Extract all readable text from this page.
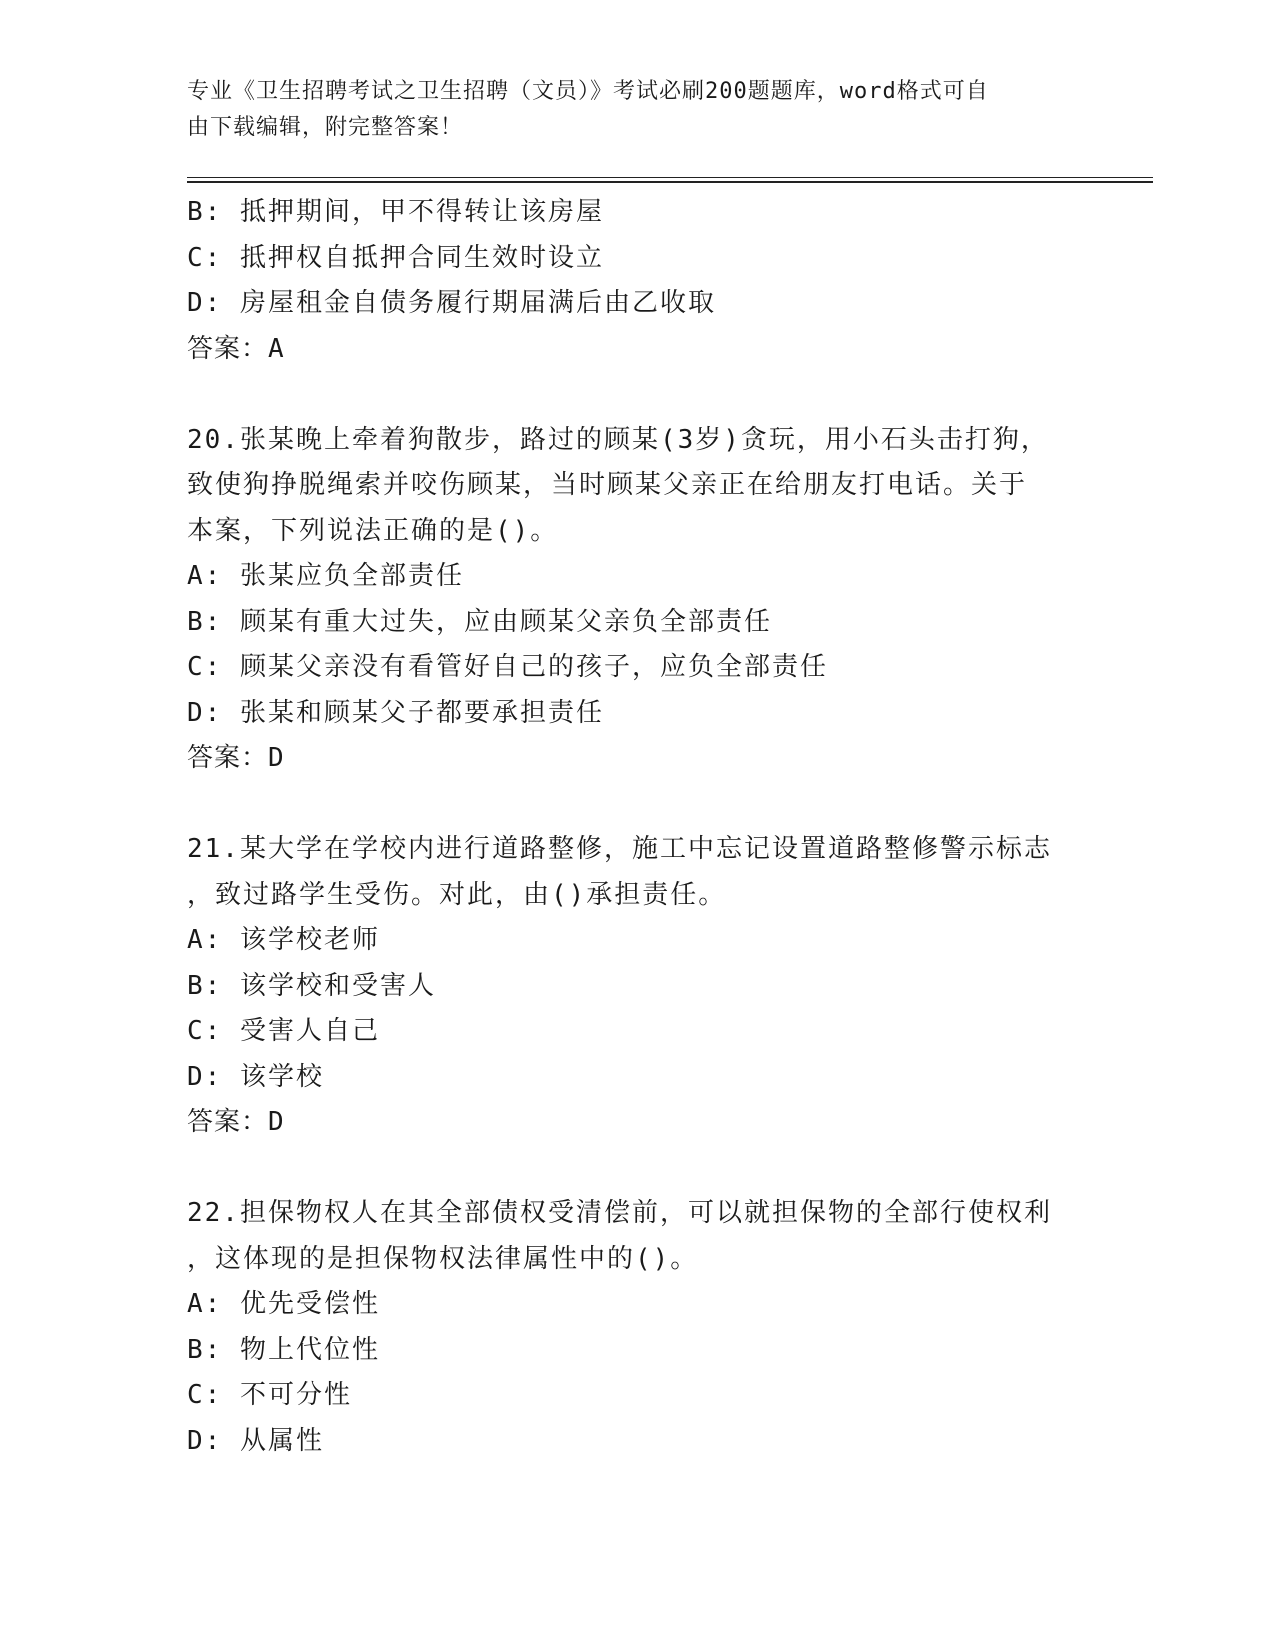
专业《卫生招聘考试之卫生招聘（文员）》考试必刷200题题库，word格式可自
由下载编辑，附完整答案！
B: 抵押期间，甲不得转让该房屋
C: 抵押权自抵押合同生效时设立
D: 房屋租金自债务履行期届满后由乙收取
答案：A
20.张某晚上牵着狗散步，路过的顾某(3岁)贪玩，用小石头击打狗，
致使狗挣脱绳索并咬伤顾某，当时顾某父亲正在给朋友打电话。关于
本案，下列说法正确的是()。
A: 张某应负全部责任
B: 顾某有重大过失，应由顾某父亲负全部责任
C: 顾某父亲没有看管好自己的孩子，应负全部责任
D: 张某和顾某父子都要承担责任
答案：D
21.某大学在学校内进行道路整修，施工中忘记设置道路整修警示标志
，致过路学生受伤。对此，由()承担责任。
A: 该学校老师
B: 该学校和受害人
C: 受害人自己
D: 该学校
答案：D
22.担保物权人在其全部债权受清偿前，可以就担保物的全部行使权利
，这体现的是担保物权法律属性中的()。
A: 优先受偿性
B: 物上代位性
C: 不可分性
D: 从属性
